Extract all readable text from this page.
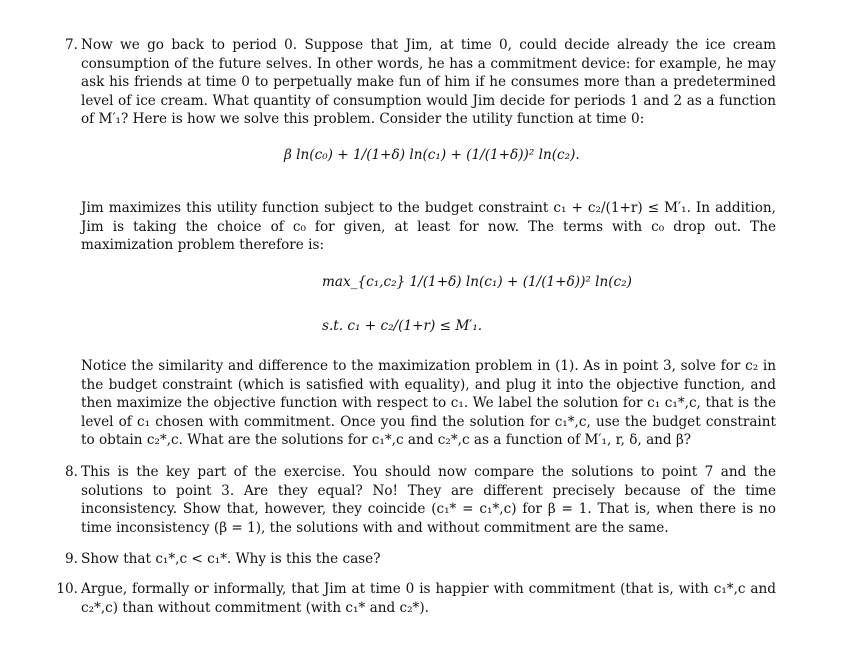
7. Now we go back to period 0. Suppose that Jim, at time 0, could decide already the ice cream consumption of the future selves. In other words, he has a commitment device: for example, he may ask his friends at time 0 to perpetually make fun of him if he consumes more than a predetermined level of ice cream. What quantity of consumption would Jim decide for periods 1 and 2 as a function of M′₁? Here is how we solve this problem. Consider the utility function at time 0:

β ln(c₀) + 1/(1+δ) ln(c₁) + (1/(1+δ))² ln(c₂).

Jim maximizes this utility function subject to the budget constraint c₁ + c₂/(1+r) ≤ M′₁. In addition, Jim is taking the choice of c₀ for given, at least for now. The terms with c₀ drop out. The maximization problem therefore is:

max_{c₁,c₂} 1/(1+δ) ln(c₁) + (1/(1+δ))² ln(c₂)
s.t. c₁ + c₂/(1+r) ≤ M′₁.

Notice the similarity and difference to the maximization problem in (1). As in point 3, solve for c₂ in the budget constraint (which is satisfied with equality), and plug it into the objective function, and then maximize the objective function with respect to c₁. We label the solution for c₁ c₁*,c, that is the level of c₁ chosen with commitment. Once you find the solution for c₁*,c, use the budget constraint to obtain c₂*,c. What are the solutions for c₁*,c and c₂*,c as a function of M′₁, r, δ, and β?

8. This is the key part of the exercise. You should now compare the solutions to point 7 and the solutions to point 3. Are they equal? No! They are different precisely because of the time inconsistency. Show that, however, they coincide (c₁* = c₁*,c) for β = 1. That is, when there is no time inconsistency (β = 1), the solutions with and without commitment are the same.

9. Show that c₁*,c < c₁*. Why is this the case?

10. Argue, formally or informally, that Jim at time 0 is happier with commitment (that is, with c₁*,c and c₂*,c) than without commitment (with c₁* and c₂*).
